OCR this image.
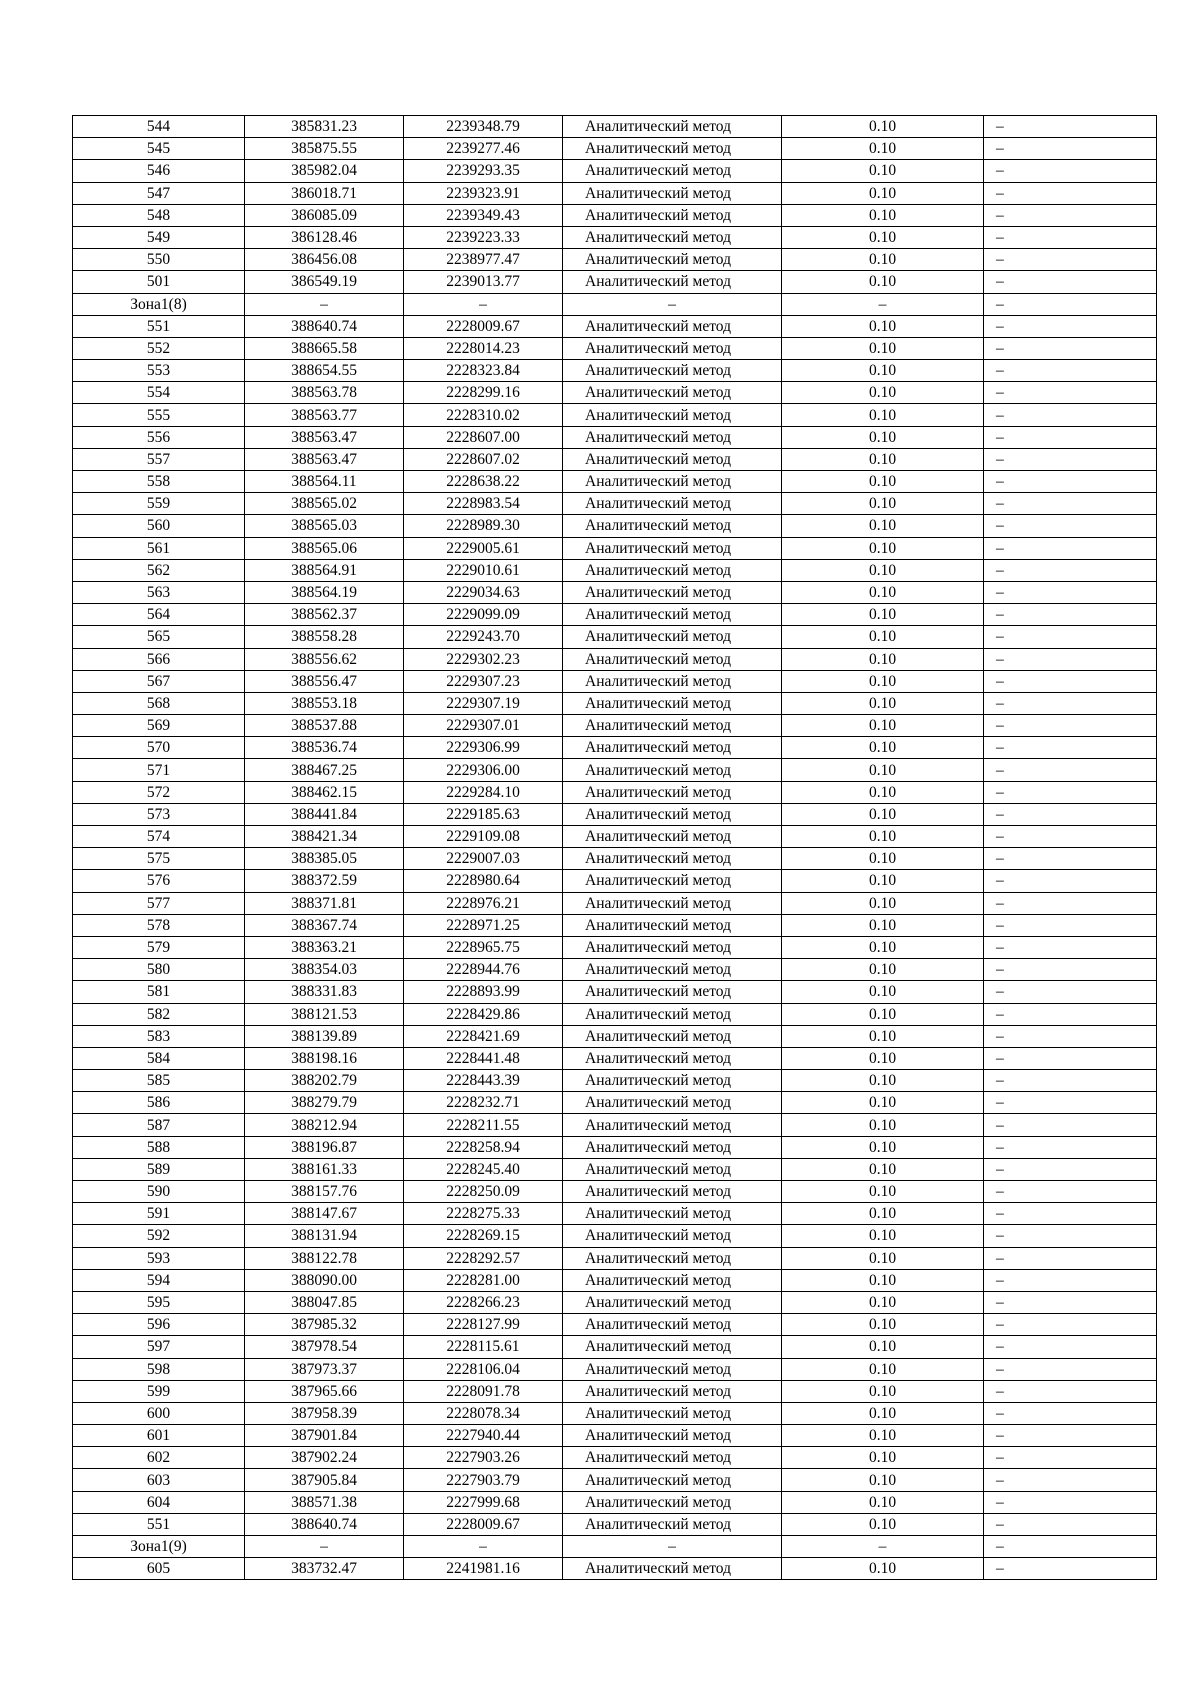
544	385831.23	2239348.79	Аналитический метод	0.10	–
545	385875.55	2239277.46	Аналитический метод	0.10	–
546	385982.04	2239293.35	Аналитический метод	0.10	–
547	386018.71	2239323.91	Аналитический метод	0.10	–
548	386085.09	2239349.43	Аналитический метод	0.10	–
549	386128.46	2239223.33	Аналитический метод	0.10	–
550	386456.08	2238977.47	Аналитический метод	0.10	–
501	386549.19	2239013.77	Аналитический метод	0.10	–
Зона1(8)	–	–	–	–	–
551	388640.74	2228009.67	Аналитический метод	0.10	–
552	388665.58	2228014.23	Аналитический метод	0.10	–
553	388654.55	2228323.84	Аналитический метод	0.10	–
554	388563.78	2228299.16	Аналитический метод	0.10	–
555	388563.77	2228310.02	Аналитический метод	0.10	–
556	388563.47	2228607.00	Аналитический метод	0.10	–
557	388563.47	2228607.02	Аналитический метод	0.10	–
558	388564.11	2228638.22	Аналитический метод	0.10	–
559	388565.02	2228983.54	Аналитический метод	0.10	–
560	388565.03	2228989.30	Аналитический метод	0.10	–
561	388565.06	2229005.61	Аналитический метод	0.10	–
562	388564.91	2229010.61	Аналитический метод	0.10	–
563	388564.19	2229034.63	Аналитический метод	0.10	–
564	388562.37	2229099.09	Аналитический метод	0.10	–
565	388558.28	2229243.70	Аналитический метод	0.10	–
566	388556.62	2229302.23	Аналитический метод	0.10	–
567	388556.47	2229307.23	Аналитический метод	0.10	–
568	388553.18	2229307.19	Аналитический метод	0.10	–
569	388537.88	2229307.01	Аналитический метод	0.10	–
570	388536.74	2229306.99	Аналитический метод	0.10	–
571	388467.25	2229306.00	Аналитический метод	0.10	–
572	388462.15	2229284.10	Аналитический метод	0.10	–
573	388441.84	2229185.63	Аналитический метод	0.10	–
574	388421.34	2229109.08	Аналитический метод	0.10	–
575	388385.05	2229007.03	Аналитический метод	0.10	–
576	388372.59	2228980.64	Аналитический метод	0.10	–
577	388371.81	2228976.21	Аналитический метод	0.10	–
578	388367.74	2228971.25	Аналитический метод	0.10	–
579	388363.21	2228965.75	Аналитический метод	0.10	–
580	388354.03	2228944.76	Аналитический метод	0.10	–
581	388331.83	2228893.99	Аналитический метод	0.10	–
582	388121.53	2228429.86	Аналитический метод	0.10	–
583	388139.89	2228421.69	Аналитический метод	0.10	–
584	388198.16	2228441.48	Аналитический метод	0.10	–
585	388202.79	2228443.39	Аналитический метод	0.10	–
586	388279.79	2228232.71	Аналитический метод	0.10	–
587	388212.94	2228211.55	Аналитический метод	0.10	–
588	388196.87	2228258.94	Аналитический метод	0.10	–
589	388161.33	2228245.40	Аналитический метод	0.10	–
590	388157.76	2228250.09	Аналитический метод	0.10	–
591	388147.67	2228275.33	Аналитический метод	0.10	–
592	388131.94	2228269.15	Аналитический метод	0.10	–
593	388122.78	2228292.57	Аналитический метод	0.10	–
594	388090.00	2228281.00	Аналитический метод	0.10	–
595	388047.85	2228266.23	Аналитический метод	0.10	–
596	387985.32	2228127.99	Аналитический метод	0.10	–
597	387978.54	2228115.61	Аналитический метод	0.10	–
598	387973.37	2228106.04	Аналитический метод	0.10	–
599	387965.66	2228091.78	Аналитический метод	0.10	–
600	387958.39	2228078.34	Аналитический метод	0.10	–
601	387901.84	2227940.44	Аналитический метод	0.10	–
602	387902.24	2227903.26	Аналитический метод	0.10	–
603	387905.84	2227903.79	Аналитический метод	0.10	–
604	388571.38	2227999.68	Аналитический метод	0.10	–
551	388640.74	2228009.67	Аналитический метод	0.10	–
Зона1(9)	–	–	–	–	–
605	383732.47	2241981.16	Аналитический метод	0.10	–
